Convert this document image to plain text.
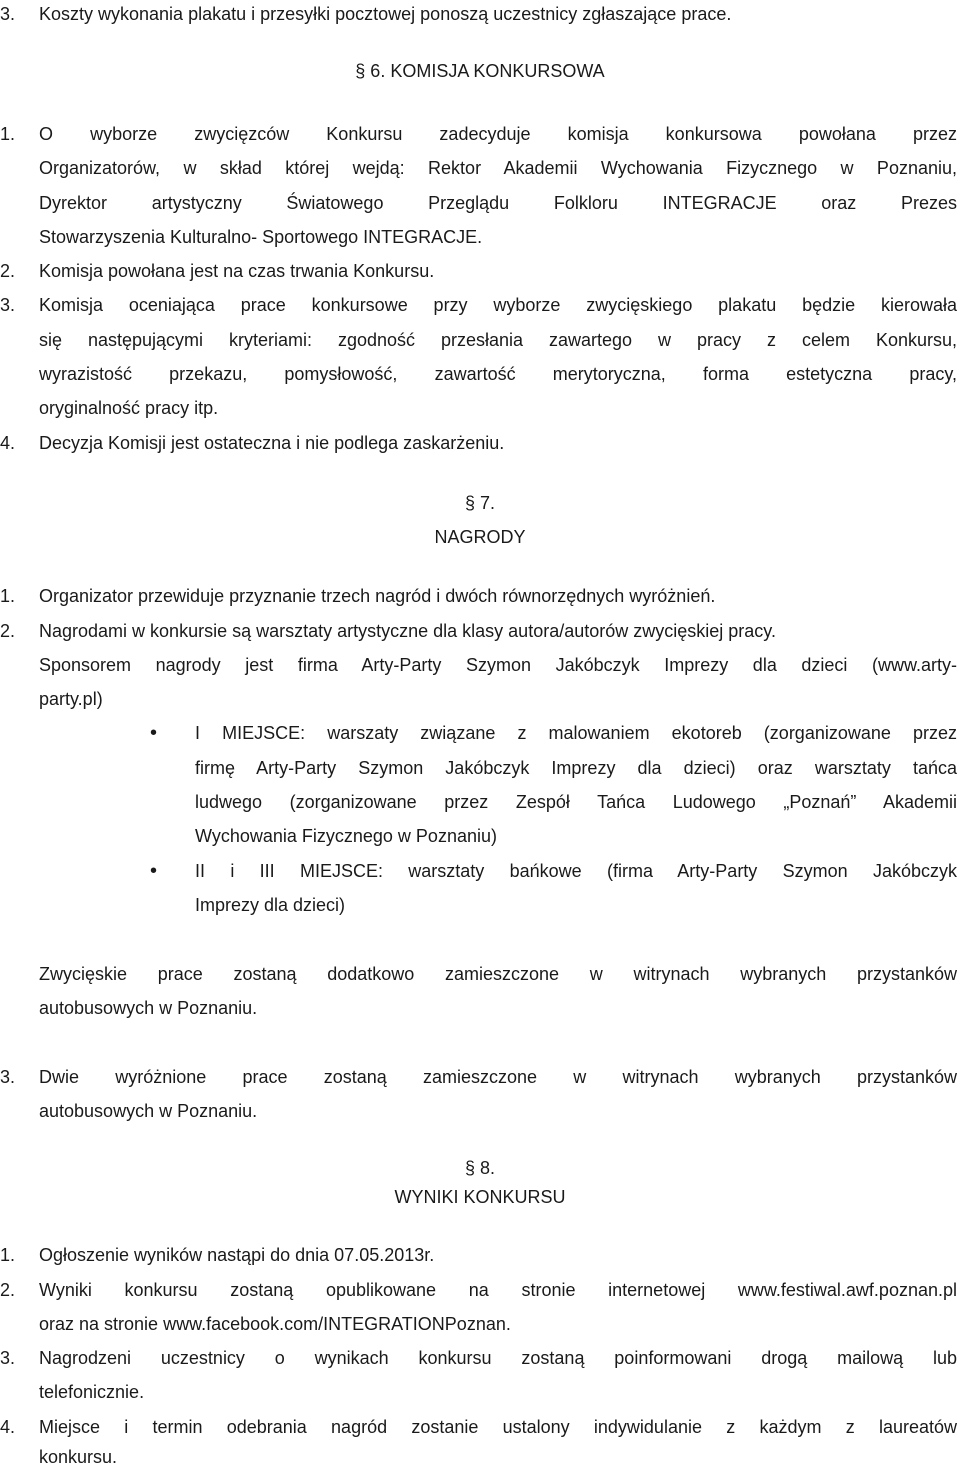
3.	Koszty wykonania plakatu i przesyłki pocztowej ponoszą uczestnicy zgłaszające prace.
§ 6. KOMISJA KONKURSOWA
1.	O wyborze zwycięzców Konkursu zadecyduje komisja konkursowa powołana przez
Organizatorów, w skład której wejdą: Rektor Akademii Wychowania Fizycznego w Poznaniu,
Dyrektor artystyczny Światowego Przeglądu Folkloru INTEGRACJE oraz Prezes
Stowarzyszenia Kulturalno- Sportowego INTEGRACJE.
2.	Komisja powołana jest na czas trwania Konkursu.
3.	Komisja oceniająca prace konkursowe przy wyborze zwycięskiego plakatu będzie kierowała
się następującymi kryteriami: zgodność przesłania zawartego w pracy z celem Konkursu,
wyrazistość przekazu, pomysłowość, zawartość merytoryczna, forma estetyczna pracy,
oryginalność pracy itp.
4.	Decyzja Komisji jest ostateczna i nie podlega zaskarżeniu.
§ 7.
NAGRODY
1.	Organizator przewiduje przyznanie trzech nagród i dwóch równorzędnych wyróżnień.
2.	Nagrodami w konkursie są warsztaty artystyczne dla klasy autora/autorów zwycięskiej pracy.
Sponsorem nagrody jest firma Arty-Party Szymon Jakóbczyk Imprezy dla dzieci (www.arty-
party.pl)
• I MIEJSCE: warszaty związane z malowaniem ekotoreb (zorganizowane przez
firmę Arty-Party Szymon Jakóbczyk Imprezy dla dzieci) oraz warsztaty tańca
ludwego (zorganizowane przez Zespół Tańca Ludowego „Poznań” Akademii
Wychowania Fizycznego w Poznaniu)
• II i III MIEJSCE: warsztaty bańkowe (firma Arty-Party Szymon Jakóbczyk
Imprezy dla dzieci)
Zwycięskie prace zostaną dodatkowo zamieszczone w witrynach wybranych przystanków
autobusowych w Poznaniu.
3.	Dwie wyróżnione prace zostaną zamieszczone w witrynach wybranych przystanków
autobusowych w Poznaniu.
§ 8.
WYNIKI KONKURSU
1.	Ogłoszenie wyników nastąpi do dnia 07.05.2013r.
2.	Wyniki konkursu zostaną opublikowane na stronie internetowej www.festiwal.awf.poznan.pl
oraz na stronie www.facebook.com/INTEGRATIONPoznan.
3.	Nagrodzeni uczestnicy o wynikach konkursu zostaną poinformowani drogą mailową lub
telefonicznie.
4.	Miejsce i termin odebrania nagród zostanie ustalony indywidulanie z każdym z laureatów
konkursu.
